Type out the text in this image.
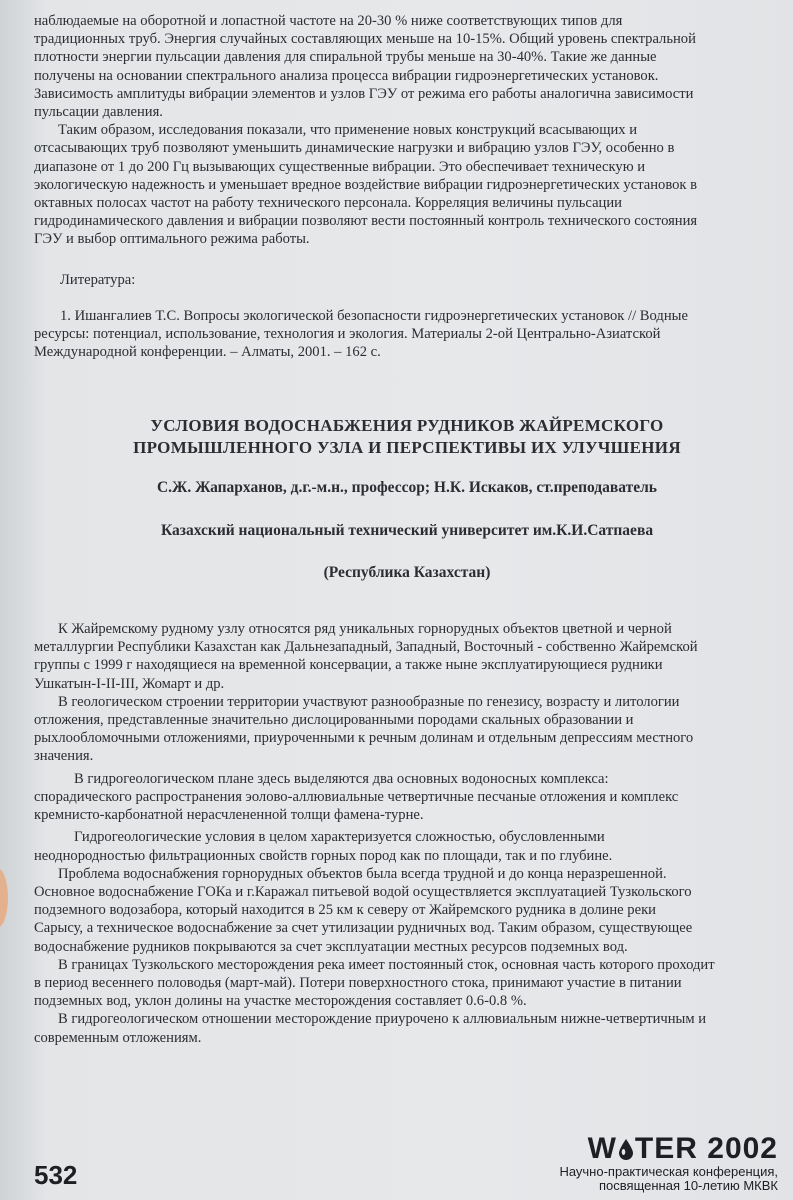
наблюдаемые на оборотной и лопастной частоте на 20-30 % ниже соответствующих типов для
традиционных труб. Энергия случайных составляющих меньше на 10-15%. Общий уровень спектральной
плотности энергии пульсации давления для спиральной трубы меньше на 30-40%. Такие же данные
получены на основании спектрального анализа процесса вибрации гидроэнергетических установок.
Зависимость амплитуды вибрации элементов и узлов ГЭУ от режима его работы аналогична зависимости
пульсации давления.

Таким образом, исследования показали, что применение новых конструкций всасывающих и
отсасывающих труб позволяют уменьшить динамические нагрузки и вибрацию узлов ГЭУ, особенно в
диапазоне от 1 до 200 Гц вызывающих существенные вибрации. Это обеспечивает техническую и
экологическую надежность и уменьшает вредное воздействие вибрации гидроэнергетических установок в
октавных полосах частот на работу технического персонала. Корреляция величины пульсации
гидродинамического давления и вибрации позволяют вести постоянный контроль технического состояния
ГЭУ и выбор оптимального режима работы.

Литература:

1. Ишангалиев Т.С. Вопросы экологической безопасности гидроэнергетических установок // Водные
ресурсы: потенциал, использование, технология и экология. Материалы 2-ой Центрально-Азиатской
Международной конференции. – Алматы, 2001. – 162 с.

УСЛОВИЯ ВОДОСНАБЖЕНИЯ РУДНИКОВ ЖАЙРЕМСКОГО
ПРОМЫШЛЕННОГО УЗЛА И ПЕРСПЕКТИВЫ ИХ УЛУЧШЕНИЯ
С.Ж. Жапарханов, д.г.-м.н., профессор; Н.К. Искаков, ст.преподаватель
Казахский национальный технический университет им.К.И.Сатпаева
(Республика Казахстан)

К Жайремскому рудному узлу относятся ряд уникальных горнорудных объектов цветной и черной
металлургии Республики Казахстан как Дальнезападный, Западный, Восточный - собственно Жайремской
группы с 1999 г находящиеся на временной консервации, а также ныне эксплуатирующиеся рудники
Ушкатын-I-II-III, Жомарт и др.

В геологическом строении территории участвуют разнообразные по генезису, возрасту и литологии
отложения, представленные значительно дислоцированными породами скальных образовании и
рыхлообломочными отложениями, приуроченными к речным долинам и отдельным депрессиям местного
значения.

В гидрогеологическом плане здесь выделяются два основных водоносных комплекса:
спорадического распространения эолово-аллювиальные четвертичные песчаные отложения и комплекс
кремнисто-карбонатной нерасчлененной толщи фамена-турне.

Гидрогеологические условия в целом характеризуется сложностью, обусловленными
неоднородностью фильтрационных свойств горных пород как по площади, так и по глубине.

Проблема водоснабжения горнорудных объектов была всегда трудной и до конца неразрешенной.
Основное водоснабжение ГОКа и г.Каражал питьевой водой осуществляется эксплуатацией Тузкольского
подземного водозабора, который находится в 25 км к северу от Жайремского рудника в долине реки
Сарысу, а техническое водоснабжение за счет утилизации рудничных вод. Таким образом, существующее
водоснабжение рудников покрываются за счет эксплуатации местных ресурсов подземных вод.

В границах Тузкольского месторождения река имеет постоянный сток, основная часть которого проходит
в период весеннего половодья (март-май). Потери поверхностного стока, принимают участие в питании
подземных вод, уклон долины на участке месторождения составляет 0.6-0.8 %.

В гидрогеологическом отношении месторождение приурочено к аллювиальным нижне-четвертичным и
современным отложениям.

532
W TER 2002
Научно-практическая конференция,
посвященная 10-летию МКВК
